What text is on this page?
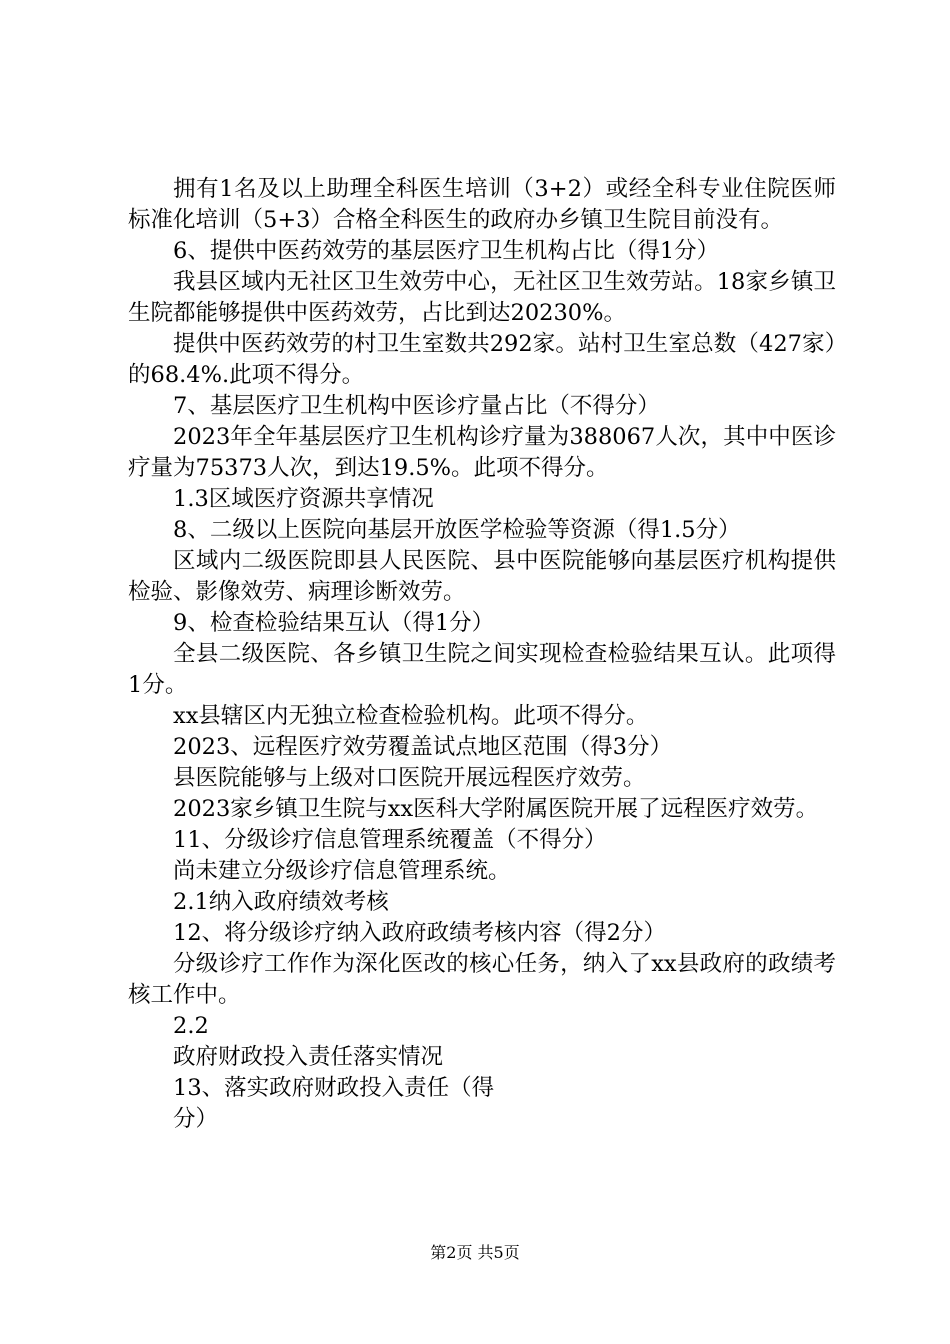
拥有1名及以上助理全科医生培训（3+2）或经全科专业住院医师标准化培训（5+3）合格全科医生的政府办乡镇卫生院目前没有。

6、提供中医药效劳的基层医疗卫生机构占比（得1分）

我县区域内无社区卫生效劳中心，无社区卫生效劳站。18家乡镇卫生院都能够提供中医药效劳，占比到达20230%。

提供中医药效劳的村卫生室数共292家。站村卫生室总数（427家）的68.4%.此项不得分。

7、基层医疗卫生机构中医诊疗量占比（不得分）

2023年全年基层医疗卫生机构诊疗量为388067人次，其中中医诊疗量为75373人次，到达19.5%。此项不得分。

1.3区域医疗资源共享情况

8、二级以上医院向基层开放医学检验等资源（得1.5分）

区域内二级医院即县人民医院、县中医院能够向基层医疗机构提供检验、影像效劳、病理诊断效劳。

9、检查检验结果互认（得1分）

全县二级医院、各乡镇卫生院之间实现检查检验结果互认。此项得1分。

xx县辖区内无独立检查检验机构。此项不得分。

2023、远程医疗效劳覆盖试点地区范围（得3分）

县医院能够与上级对口医院开展远程医疗效劳。

2023家乡镇卫生院与xx医科大学附属医院开展了远程医疗效劳。

11、分级诊疗信息管理系统覆盖（不得分）

尚未建立分级诊疗信息管理系统。

2.1纳入政府绩效考核

12、将分级诊疗纳入政府政绩考核内容（得2分）

分级诊疗工作作为深化医改的核心任务，纳入了xx县政府的政绩考核工作中。

2.2

政府财政投入责任落实情况

13、落实政府财政投入责任（得

分）

第2页 共5页
